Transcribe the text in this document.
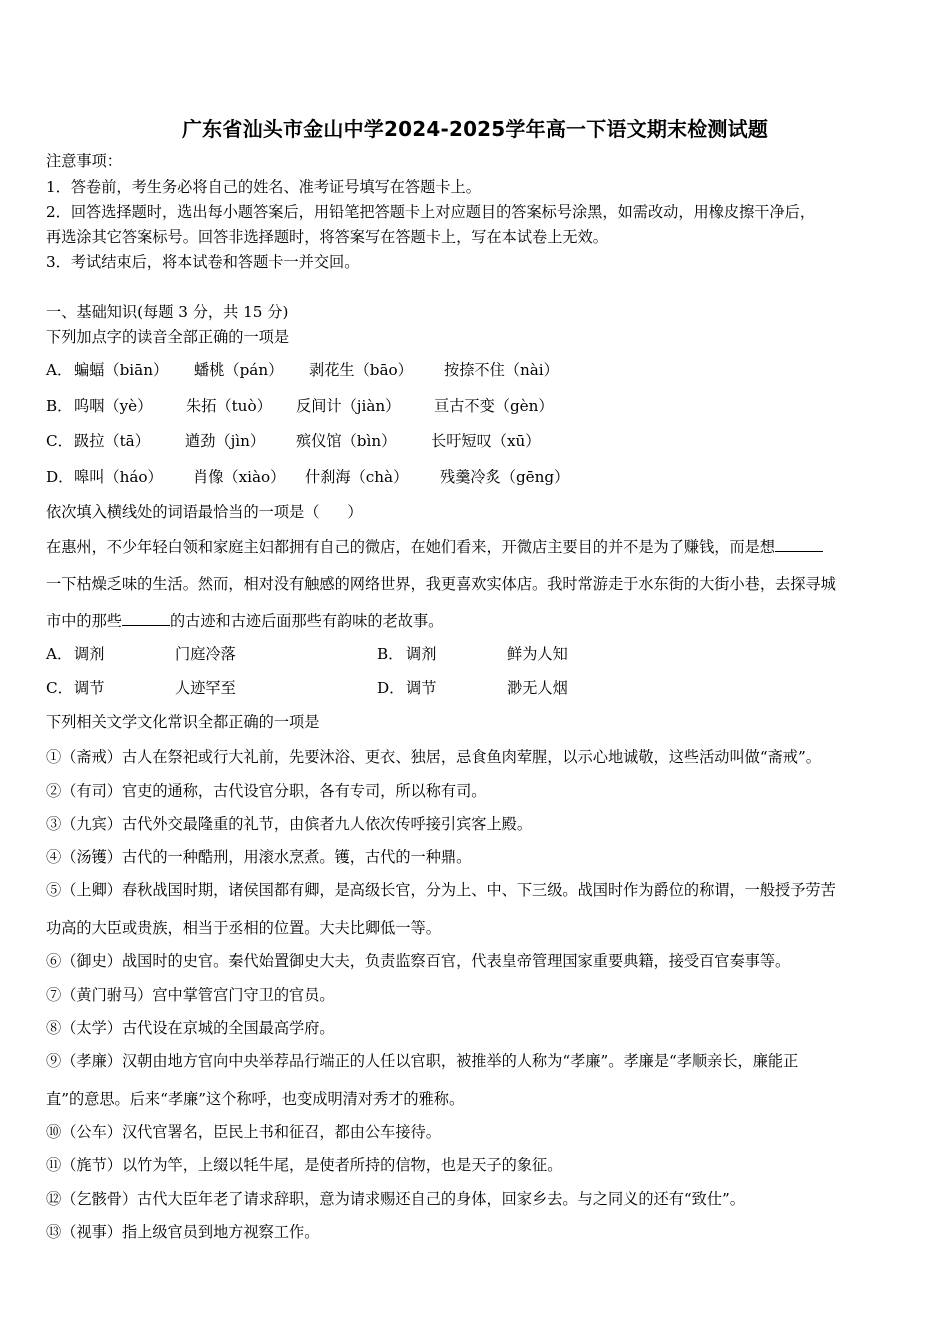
广东省汕头市金山中学2024-2025学年高一下语文期末检测试题
注意事项：
1．答卷前，考生务必将自己的姓名、准考证号填写在答题卡上。
2．回答选择题时，选出每小题答案后，用铅笔把答题卡上对应题目的答案标号涂黑，如需改动，用橡皮擦干净后，
再选涂其它答案标号。回答非选择题时，将答案写在答题卡上，写在本试卷上无效。
3．考试结束后，将本试卷和答题卡一并交回。
一、基础知识(每题 3 分，共 15 分)
下列加点字的读音全部正确的一项是
A． 蝙蝠（biān） 蟠桃（pán） 剥花生（bāo） 按捺不住（nài）
B． 呜咽（yè） 朱拓（tuò） 反间计（jiàn） 亘古不变（gèn）
C．趿拉（tā） 遒劲（jìn） 殡仪馆（bìn） 长吁短叹（xū）
D．嗥叫（háo） 肖像（xiào） 什刹海（chà） 残羹冷炙（gēng）
依次填入横线处的词语最恰当的一项是（ ）
在惠州，不少年轻白领和家庭主妇都拥有自己的微店，在她们看来，开微店主要目的并不是为了赚钱，而是想
一下枯燥乏味的生活。然而，相对没有触感的网络世界，我更喜欢实体店。我时常游走于水东街的大街小巷，去探寻城
市中的那些	的古迹和古迹后面那些有韵味的老故事。
A． 调剂	门庭冷落	B． 调剂	鲜为人知
C．调节	人迹罕至	D． 调节	渺无人烟
下列相关文学文化常识全都正确的一项是
①（斋戒）古人在祭祀或行大礼前，先要沐浴、更衣、独居，忌食鱼肉荤腥，以示心地诚敬，这些活动叫做“斋戒”。
②（有司）官吏的通称，古代设官分职，各有专司，所以称有司。
③（九宾）古代外交最隆重的礼节，由傧者九人依次传呼接引宾客上殿。
④（汤镬）古代的一种酷刑，用滚水烹煮。镬，古代的一种鼎。
⑤（上卿）春秋战国时期，诸侯国都有卿，是高级长官，分为上、中、下三级。战国时作为爵位的称谓，一般授予劳苦
功高的大臣或贵族，相当于丞相的位置。大夫比卿低一等。
⑥（御史）战国时的史官。秦代始置御史大夫，负责监察百官，代表皇帝管理国家重要典籍，接受百官奏事等。
⑦（黄门驸马）宫中掌管宫门守卫的官员。
⑧（太学）古代设在京城的全国最高学府。
⑨（孝廉）汉朝由地方官向中央举荐品行端正的人任以官职，被推举的人称为“孝廉”。孝廉是“孝顺亲长，廉能正
直”的意思。后来“孝廉”这个称呼，也变成明清对秀才的雅称。
⑩（公车）汉代官署名，臣民上书和征召，都由公车接待。
⑪（旄节）以竹为竿，上缀以牦牛尾，是使者所持的信物，也是天子的象征。
⑫（乞骸骨）古代大臣年老了请求辞职，意为请求赐还自己的身体，回家乡去。与之同义的还有“致仕”。
⑬（视事）指上级官员到地方视察工作。
